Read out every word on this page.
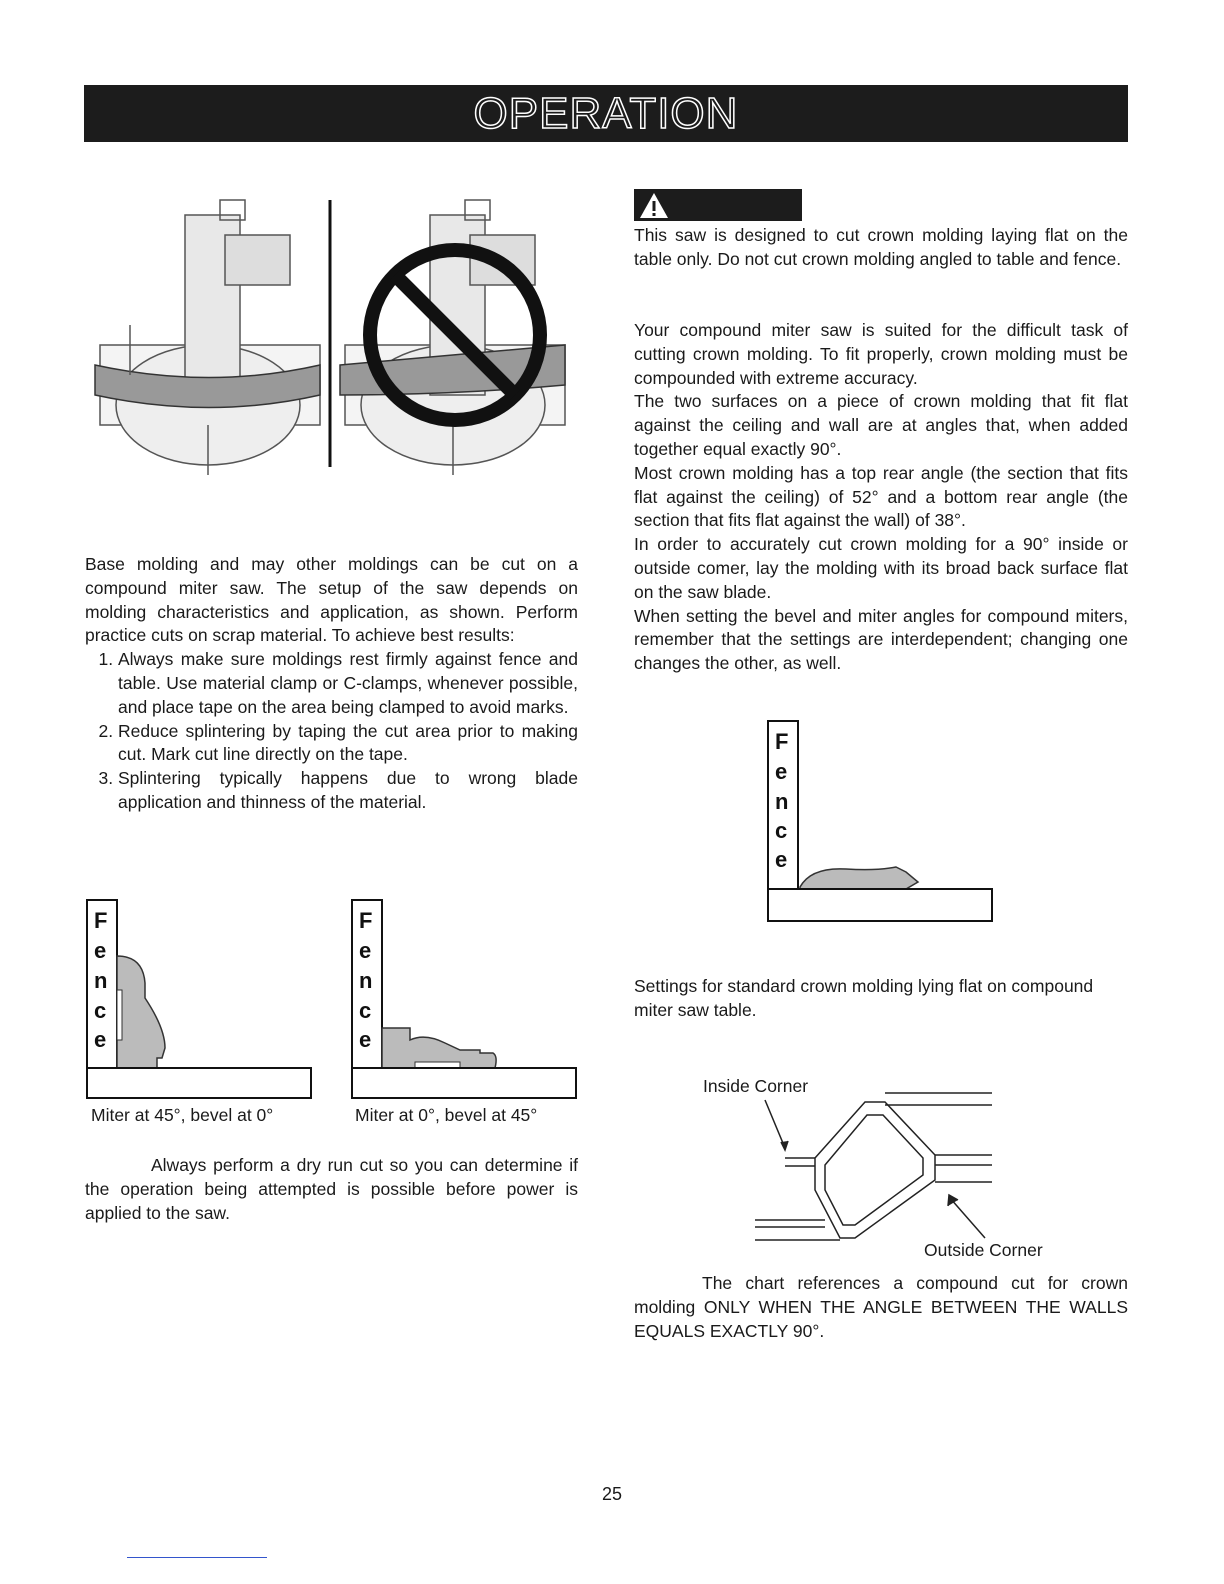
OPERATION
This saw is designed to cut crown molding laying flat on the table only. Do not cut crown molding angled to table and fence.

Your compound miter saw is suited for the difficult task of cutting crown molding. To fit properly, crown molding must be compounded with extreme accuracy.

The two surfaces on a piece of crown molding that fit flat against the ceiling and wall are at angles that, when added together equal exactly 90°.

Most crown molding has a top rear angle (the section that fits flat against the ceiling) of 52° and a bottom rear angle (the section that fits flat against the wall) of 38°.

In order to accurately cut crown molding for a 90° inside or outside comer, lay the molding with its broad back surface flat on the saw blade.

When setting the bevel and miter angles for compound miters, remember that the settings are interdependent; changing one changes the other, as well.

Base molding and may other moldings can be cut on a compound miter saw. The setup of the saw depends on molding characteristics and application, as shown. Perform practice cuts on scrap material. To achieve best results:

1. Always make sure moldings rest firmly against fence and table. Use material clamp or C-clamps, whenever possible, and place tape on the area being clamped to avoid marks.
2. Reduce splintering by taping the cut area prior to making cut. Mark cut line directly on the tape.
3. Splintering typically happens due to wrong blade application and thinness of the material.
F
e
n
c
e
Miter at 45°, bevel at 0°
F
e
n
c
e
Miter at 0°, bevel at 45°
F
e
n
c
e
Settings for standard crown molding lying flat on compound miter saw table.
Always perform a dry run cut so you can determine if the operation being attempted is possible before power is applied to the saw.
Inside Corner
Outside Corner
The chart references a compound cut for crown molding ONLY WHEN THE ANGLE BETWEEN THE WALLS EQUALS EXACTLY 90°.
25
